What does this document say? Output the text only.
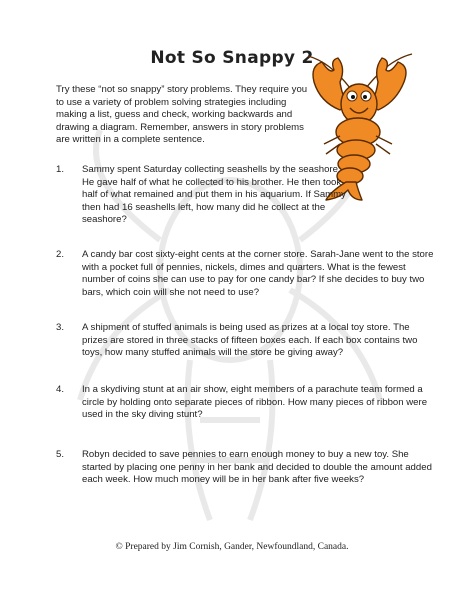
Not So Snappy 2
Try these “not so snappy” story problems. They require you to use a variety of problem solving strategies including making a list, guess and check, working backwards and drawing a diagram. Remember, answers in story problems are written in a complete sentence.
1. Sammy spent Saturday collecting seashells by the seashore. He gave half of what he collected to his brother. He then took half of what remained and put them in his aquarium. If Sammy then had 16 seashells left, how many did he collect at the seashore?
2. A candy bar cost sixty-eight cents at the corner store. Sarah-Jane went to the store with a pocket full of pennies, nickels, dimes and quarters. What is the fewest number of coins she can use to pay for one candy bar? If she decides to buy two bars, which coin will she not need to use?
3. A shipment of stuffed animals is being used as prizes at a local toy store. The prizes are stored in three stacks of fifteen boxes each. If each box contains two toys, how many stuffed animals will the store be giving away?
4. In a skydiving stunt at an air show, eight members of a parachute team formed a circle by holding onto separate pieces of ribbon. How many pieces of ribbon were used in the sky diving stunt?
5. Robyn decided to save pennies to earn enough money to buy a new toy. She started by placing one penny in her bank and decided to double the amount added each week. How much money will be in her bank after five weeks?
© Prepared by Jim Cornish, Gander, Newfoundland, Canada.
